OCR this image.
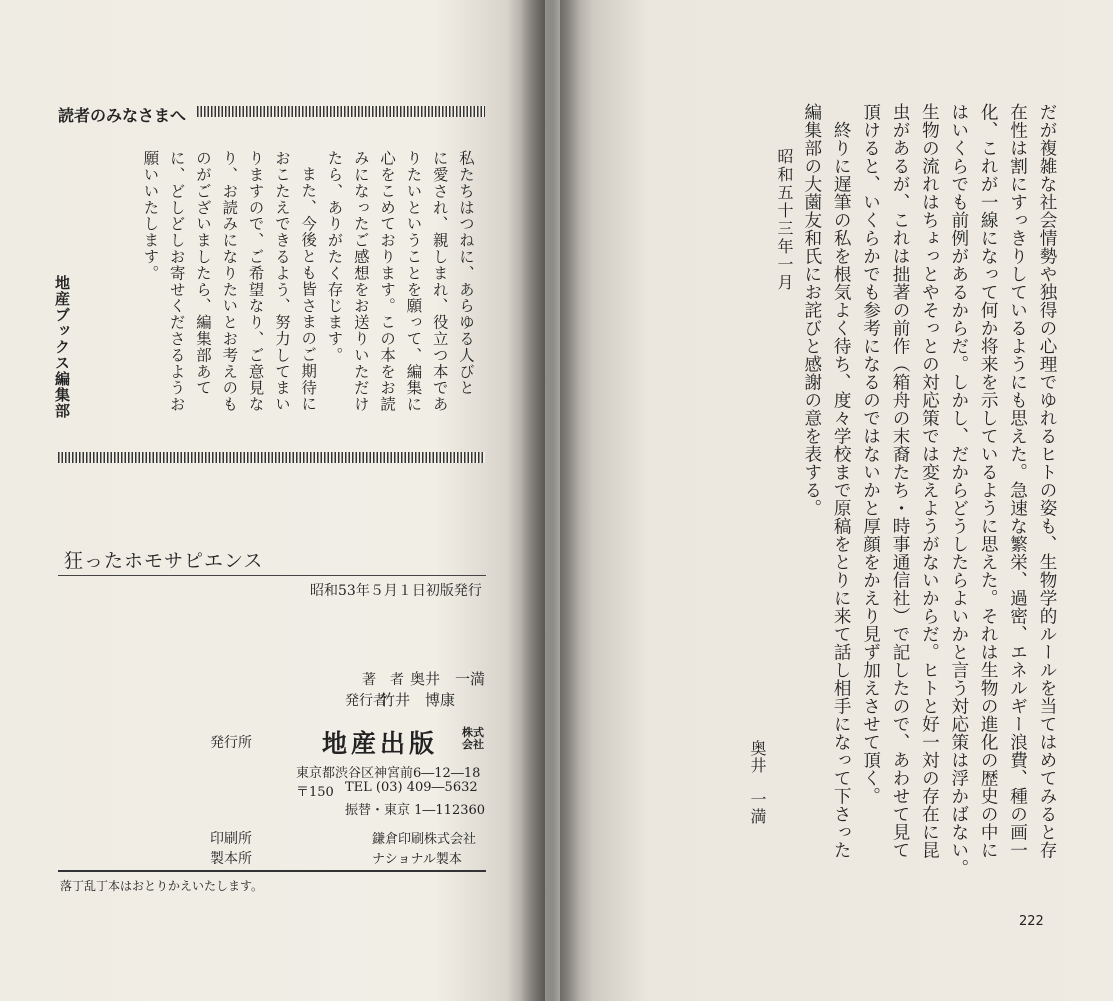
読者のみなさまへ
私たちはつねに、あらゆる人びと
に愛され、親しまれ、役立つ本であ
りたいということを願って、編集に
心をこめております。この本をお読
みになったご感想をお送りいただけ
たら、ありがたく存じます。
また、今後とも皆さまのご期待に
おこたえできるよう、努力してまい
りますので、ご希望なり、ご意見な
り、お読みになりたいとお考えのも
のがございましたら、編集部あて
に、どしどしお寄せくださるようお
願いいたします。
地産ブックス編集部
狂ったホモサピエンス
昭和53年５月１日初版発行
著　者 奥井　一満
発行者
竹井　博康
発行所	地産出版 株式会社
東京都渋谷区神宮前6―12―18
〒150 TEL (03) 409―5632
振替・東京 1―112360
印刷所	鎌倉印刷株式会社
製本所	ナショナル製本
落丁乱丁本はおとりかえいたします。
だが複雑な社会情勢や独得の心理でゆれるヒトの姿も、生物学的ルールを当てはめてみると存
在性は割にすっきりしているようにも思えた。急速な繁栄、過密、エネルギー浪費、種の画一
化、これが一線になって何か将来を示しているように思えた。それは生物の進化の歴史の中に
はいくらでも前例があるからだ。しかし、だからどうしたらよいかと言う対応策は浮かばない。
生物の流れはちょっとやそっとの対応策では変えようがないからだ。ヒトと好一対の存在に昆
虫があるが、これは拙著の前作（箱舟の末裔たち・時事通信社）で記したので、あわせて見て
頂けると、いくらかでも参考になるのではないかと厚顔をかえり見ず加えさせて頂く。
終りに遅筆の私を根気よく待ち、度々学校まで原稿をとりに来て話し相手になって下さった
編集部の大薗友和氏にお詫びと感謝の意を表する。
昭和五十三年一月
奥井　一満
222
